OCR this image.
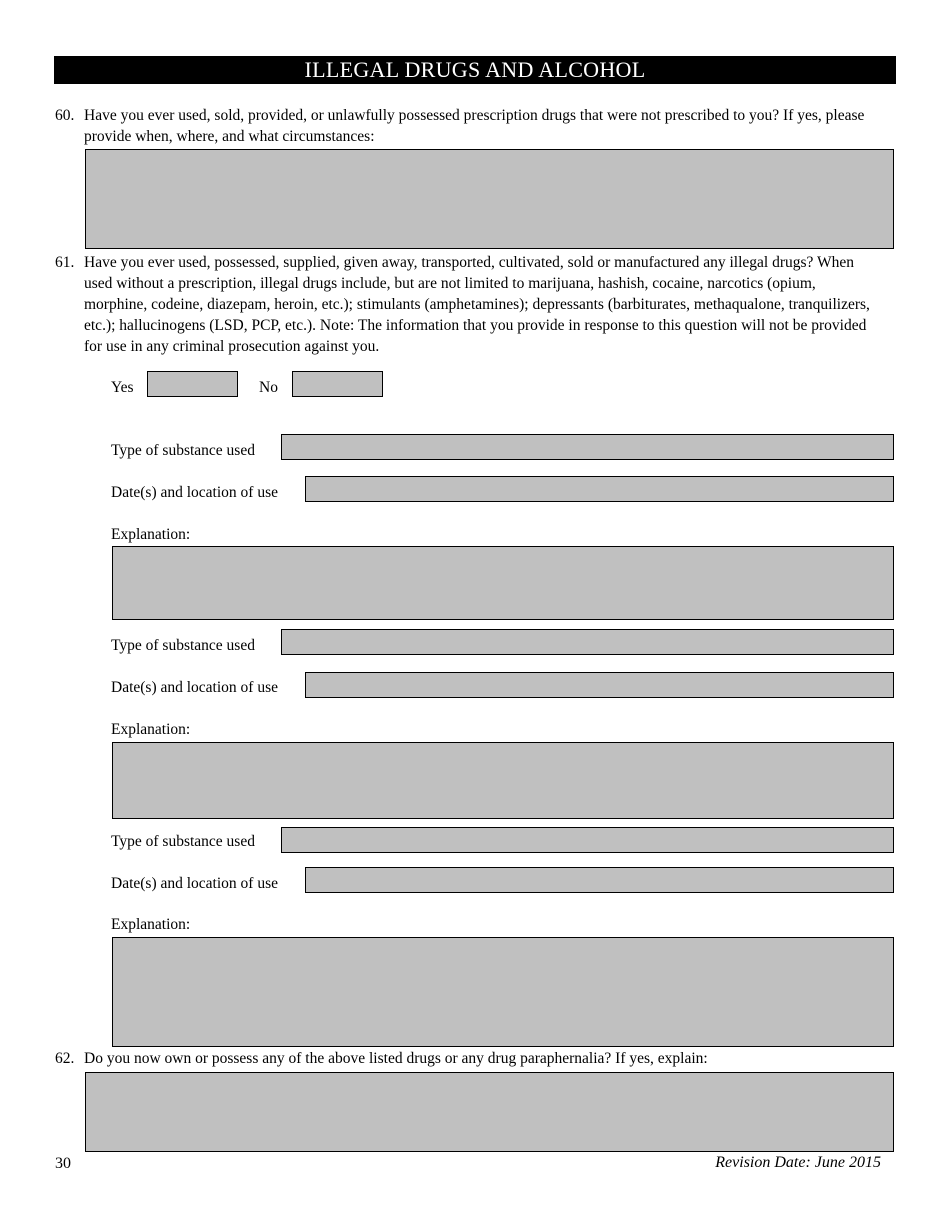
ILLEGAL DRUGS AND ALCOHOL
60. Have you ever used, sold, provided, or unlawfully possessed prescription drugs that were not prescribed to you? If yes, please provide when, where, and what circumstances:
61. Have you ever used, possessed, supplied, given away, transported, cultivated, sold or manufactured any illegal drugs? When used without a prescription, illegal drugs include, but are not limited to marijuana, hashish, cocaine, narcotics (opium, morphine, codeine, diazepam, heroin, etc.); stimulants (amphetamines); depressants (barbiturates, methaqualone, tranquilizers, etc.); hallucinogens (LSD, PCP, etc.). Note: The information that you provide in response to this question will not be provided for use in any criminal prosecution against you.
Yes	No
Type of substance used
Date(s) and location of use
Explanation:
Type of substance used
Date(s) and location of use
Explanation:
Type of substance used
Date(s) and location of use
Explanation:
62. Do you now own or possess any of the above listed drugs or any drug paraphernalia? If yes, explain:
30	Revision Date: June 2015
